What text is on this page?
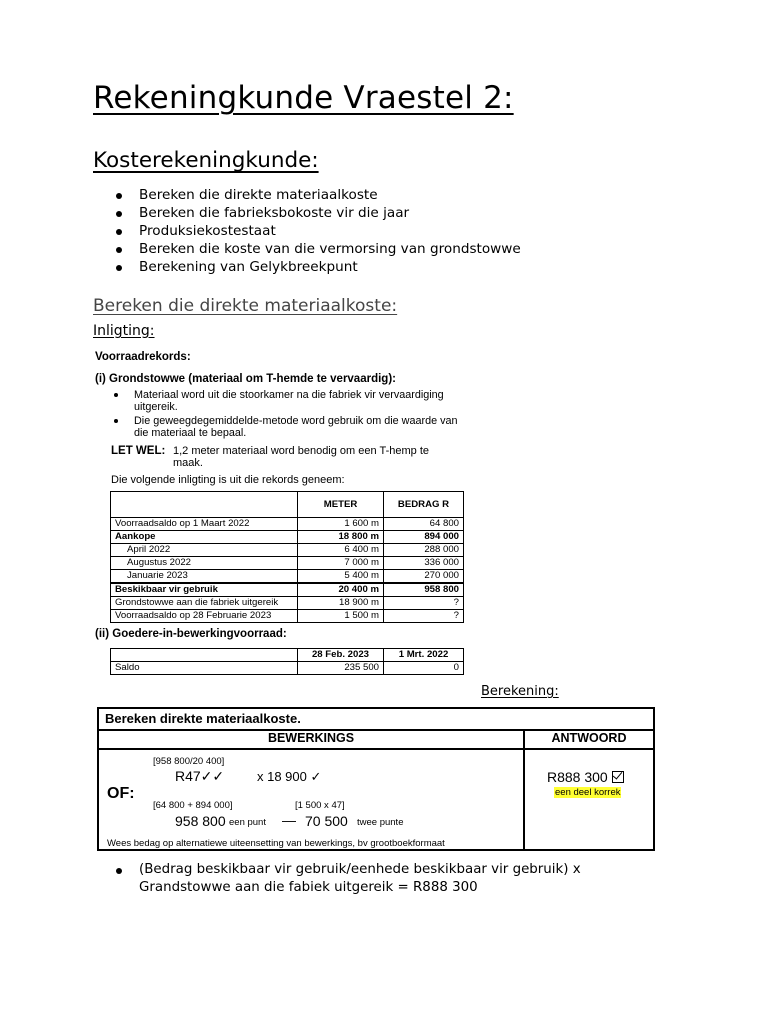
Rekeningkunde Vraestel 2:
Kosterekeningkunde:
Bereken die direkte materiaalkoste
Bereken die fabrieksbokoste vir die jaar
Produksiekostestaat
Bereken die koste van die vermorsing van grondstowwe
Berekening van Gelykbreekpunt
Bereken die direkte materiaalkoste:
Inligting:
Voorraadrekords:
(i) Grondstowwe (materiaal om T-hemde te vervaardig):
Materiaal word uit die stoorkamer na die fabriek vir vervaardiging uitgereik.
Die geweegdegemiddelde-metode word gebruik om die waarde van die materiaal te bepaal.
LET WEL: 1,2 meter materiaal word benodig om een T-hemp te maak.
Die volgende inligting is uit die rekords geneem:
	METER	BEDRAG R
Voorraadsaldo op 1 Maart 2022	1 600 m	64 800
Aankope	18 800 m	894 000
April 2022	6 400 m	288 000
Augustus 2022	7 000 m	336 000
Januarie 2023	5 400 m	270 000
Beskikbaar vir gebruik	20 400 m	958 800
Grondstowwe aan die fabriek uitgereik	18 900 m	?
Voorraadsaldo op 28 Februarie 2023	1 500 m	?
(ii) Goedere-in-bewerkingvoorraad:
	28 Feb. 2023	1 Mrt. 2022
Saldo	235 500	0
Berekening:
Bereken direkte materiaalkoste.
BEWERKINGS	ANTWOORD
[958 800/20 400]
R47✓✓	x 18 900 ✓
OF:
[64 800 + 894 000]	[1 500 x 47]
958 800 een punt — 70 500 twee punte
Wees bedag op alternatiewe uiteensetting van bewerkings, bv grootboekformaat
R888 300
een deel korrek
(Bedrag beskikbaar vir gebruik/eenhede beskikbaar vir gebruik) x Grandstowwe aan die fabiek uitgereik = R888 300
